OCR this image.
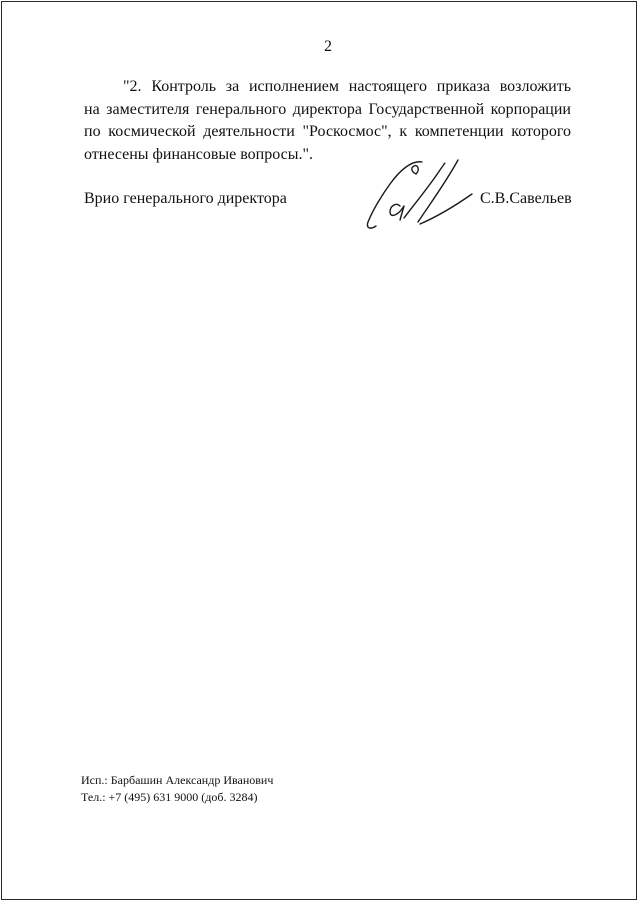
2
"2. Контроль за исполнением настоящего приказа возложить
на заместителя генерального директора Государственной корпорации
по космической деятельности "Роскосмос", к компетенции которого
отнесены финансовые вопросы.".
Врио генерального директора	С.В.Савельев
Исп.: Барбашин Александр Иванович
Тел.: +7 (495) 631 9000 (доб. 3284)
